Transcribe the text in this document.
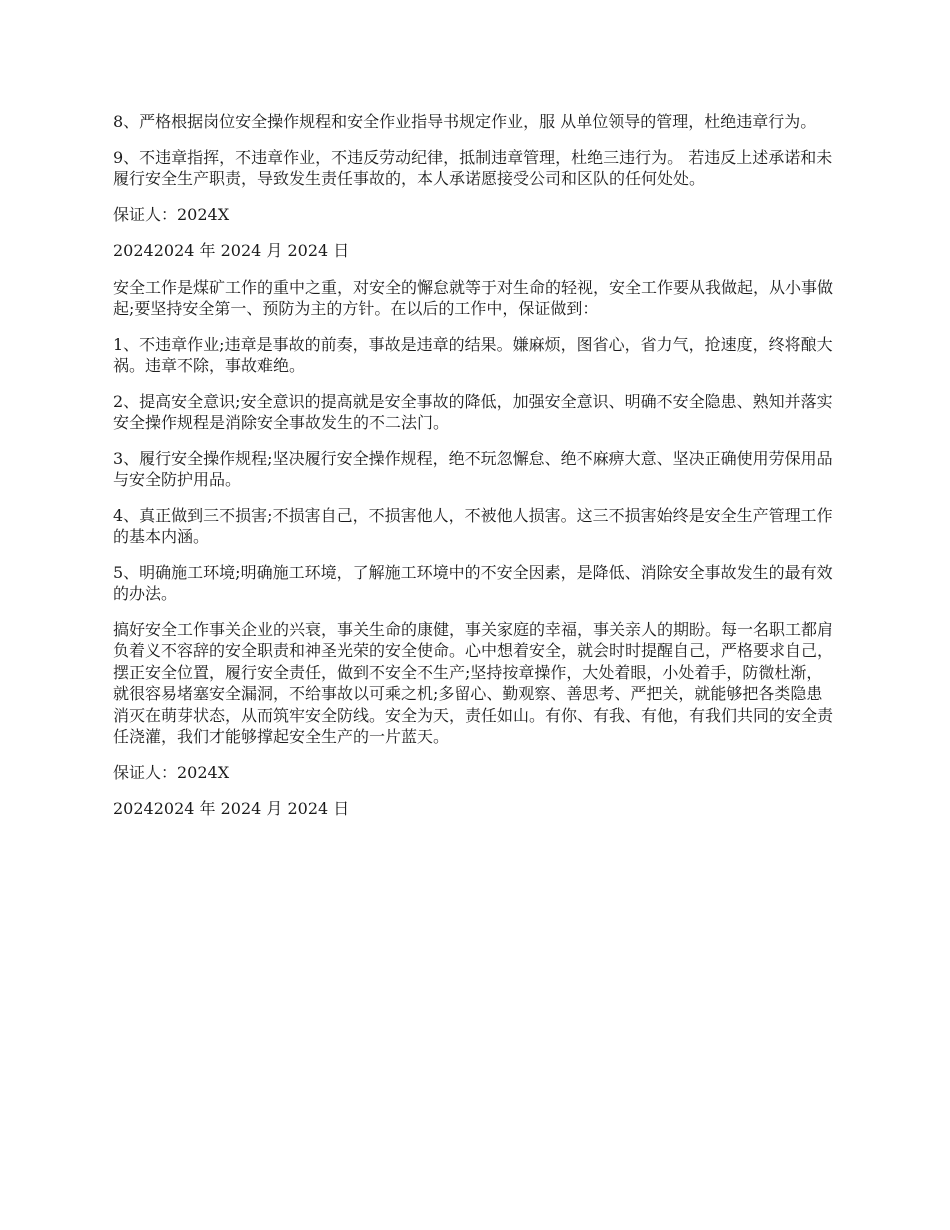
8、严格根据岗位安全操作规程和安全作业指导书规定作业，服 从单位领导的管理，杜绝违章行为。

9、不违章指挥，不违章作业，不违反劳动纪律，抵制违章管理，杜绝三违行为。 若违反上述承诺和未履行安全生产职责，导致发生责任事故的，本人承诺愿接受公司和区队的任何处处。

保证人：2024X

20242024 年 2024 月 2024 日

安全工作是煤矿工作的重中之重，对安全的懈怠就等于对生命的轻视，安全工作要从我做起，从小事做起;要坚持安全第一、预防为主的方针。在以后的工作中，保证做到：

1、不违章作业;违章是事故的前奏，事故是违章的结果。嫌麻烦，图省心，省力气，抢速度，终将酿大祸。违章不除，事故难绝。

2、提高安全意识;安全意识的提高就是安全事故的降低，加强安全意识、明确不安全隐患、熟知并落实安全操作规程是消除安全事故发生的不二法门。

3、履行安全操作规程;坚决履行安全操作规程，绝不玩忽懈怠、绝不麻痹大意、坚决正确使用劳保用品与安全防护用品。

4、真正做到三不损害;不损害自己，不损害他人，不被他人损害。这三不损害始终是安全生产管理工作的基本内涵。

5、明确施工环境;明确施工环境，了解施工环境中的不安全因素，是降低、消除安全事故发生的最有效的办法。

搞好安全工作事关企业的兴衰，事关生命的康健，事关家庭的幸福，事关亲人的期盼。每一名职工都肩负着义不容辞的安全职责和神圣光荣的安全使命。心中想着安全，就会时时提醒自己，严格要求自己，摆正安全位置，履行安全责任，做到不安全不生产;坚持按章操作，大处着眼，小处着手，防微杜渐，就很容易堵塞安全漏洞，不给事故以可乘之机;多留心、勤观察、善思考、严把关，就能够把各类隐患消灭在萌芽状态，从而筑牢安全防线。安全为天，责任如山。有你、有我、有他，有我们共同的安全责任浇灌，我们才能够撑起安全生产的一片蓝天。

保证人：2024X

20242024 年 2024 月 2024 日
